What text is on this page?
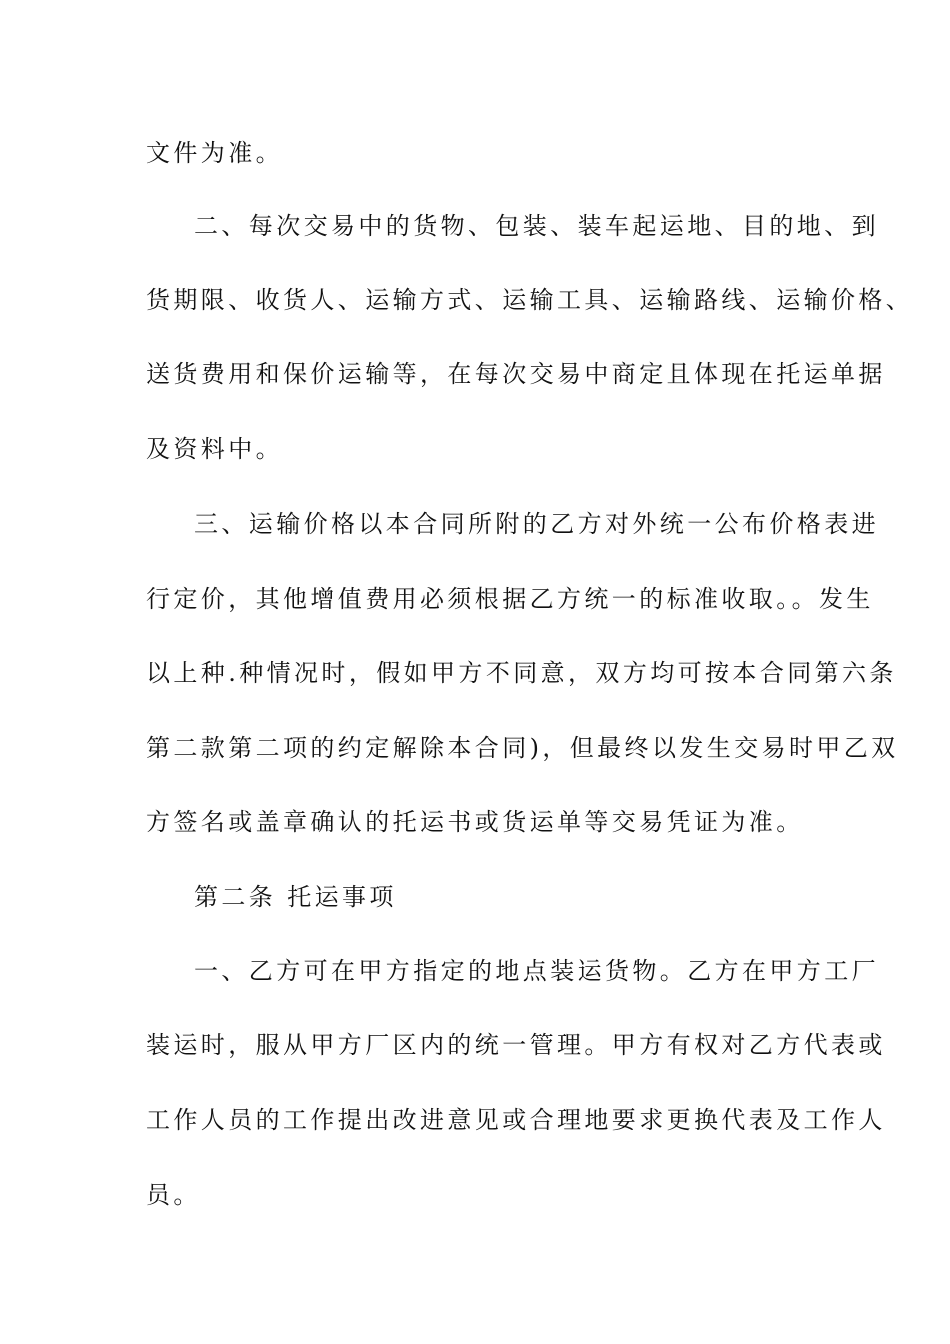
文件为准。
二、每次交易中的货物、包装、装车起运地、目的地、到
货期限、收货人、运输方式、运输工具、运输路线、运输价格、
送货费用和保价运输等，在每次交易中商定且体现在托运单据
及资料中。
三、运输价格以本合同所附的乙方对外统一公布价格表进
行定价，其他增值费用必须根据乙方统一的标准收取。。发生
以上种.种情况时，假如甲方不同意，双方均可按本合同第六条
第二款第二项的约定解除本合同)，但最终以发生交易时甲乙双
方签名或盖章确认的托运书或货运单等交易凭证为准。
第二条 托运事项
一、乙方可在甲方指定的地点装运货物。乙方在甲方工厂
装运时，服从甲方厂区内的统一管理。甲方有权对乙方代表或
工作人员的工作提出改进意见或合理地要求更换代表及工作人
员。
